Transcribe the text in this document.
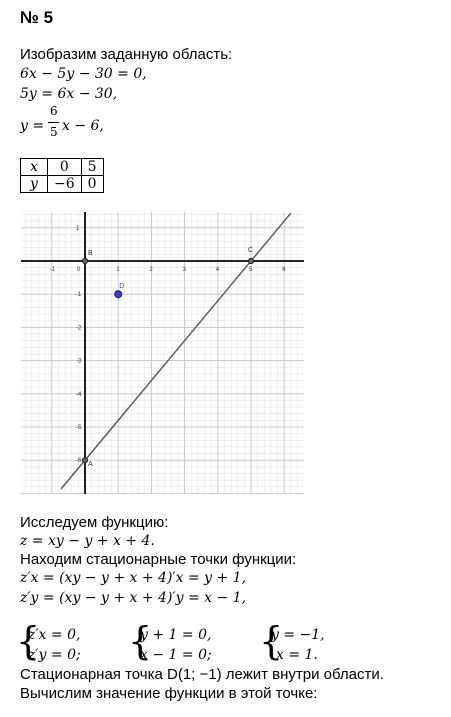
№ 5
Изобразим заданную область:
6x − 5y − 30 = 0,
5y = 6x − 30,
y =
6
5 x − 6,
x	0	5
y	−6	0
-1	0	1	2	3	4	5	6
1
-1
-2
-3
-4
-5
-6
B	C
A
D
Исследуем функцию:
z = xy − y + x + 4.
Находим стационарные точки функции:
z′x = (xy − y + x + 4)′x = y + 1,
z′y = (xy − y + x + 4)′y = x − 1,
{
z′x = 0,
z′y = 0; {
y + 1 = 0,
x − 1 = 0; {
y = −1,
x = 1.
Стационарная точка D(1; −1) лежит внутри области.
Вычислим значение функции в этой точке:
